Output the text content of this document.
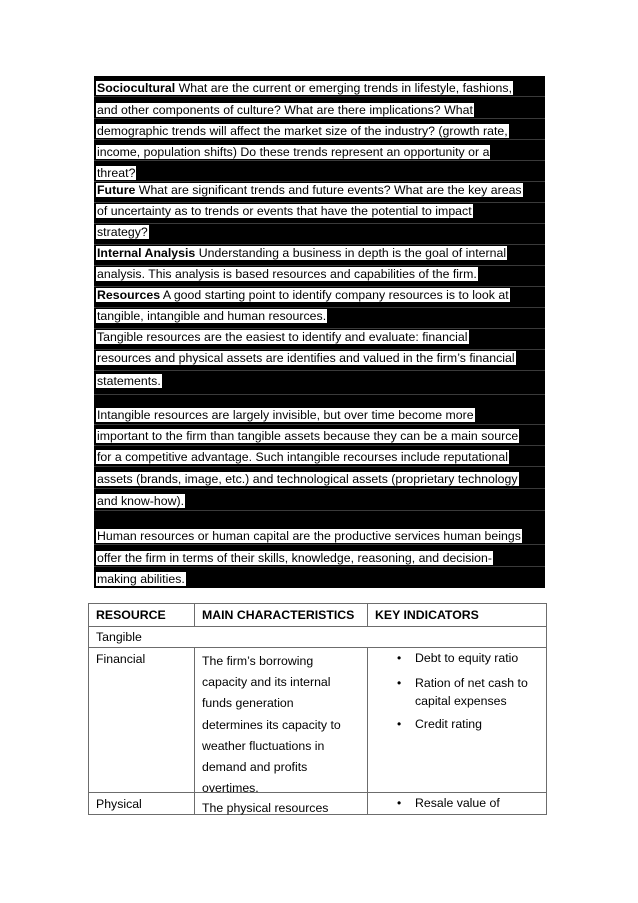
Sociocultural What are the current or emerging trends in lifestyle, fashions,
and other components of culture? What are there implications? What
demographic trends will affect the market size of the industry? (growth rate,
income, population shifts) Do these trends represent an opportunity or a
threat?
Future What are significant trends and future events? What are the key areas
of uncertainty as to trends or events that have the potential to impact
strategy?
Internal Analysis Understanding a business in depth is the goal of internal
analysis. This analysis is based resources and capabilities of the firm.
Resources A good starting point to identify company resources is to look at
tangible, intangible and human resources.
Tangible resources are the easiest to identify and evaluate: financial
resources and physical assets are identifies and valued in the firm’s financial
statements.
Intangible resources are largely invisible, but over time become more
important to the firm than tangible assets because they can be a main source
for a competitive advantage. Such intangible recourses include reputational
assets (brands, image, etc.) and technological assets (proprietary technology
and know-how).
Human resources or human capital are the productive services human beings
offer the firm in terms of their skills, knowledge, reasoning, and decision-
making abilities.
RESOURCE	MAIN CHARACTERISTICS KEY INDICATORS
Tangible
Financial
Physical
The firm’s borrowing
capacity and its internal
funds generation
determines its capacity to
weather fluctuations in
demand and profits
overtimes.
The physical resources
• Debt to equity ratio
• Ration of net cash to
capital expenses
• Credit rating
• Resale value of
